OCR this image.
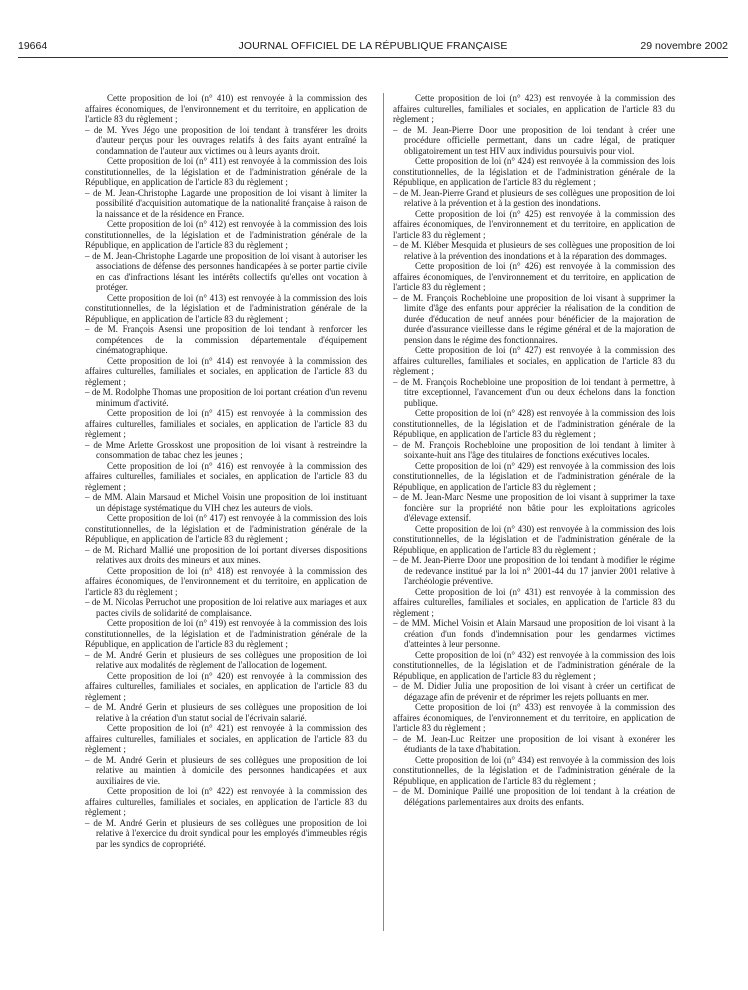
19664	JOURNAL OFFICIEL DE LA RÉPUBLIQUE FRANÇAISE	29 novembre 2002

Cette proposition de loi (n° 410) est renvoyée à la commission des affaires économiques, de l'environnement et du territoire, en application de l'article 83 du règlement ;

– de M. Yves Jégo une proposition de loi tendant à transférer les droits d'auteur perçus pour les ouvrages relatifs à des faits ayant entraîné la condamnation de l'auteur aux victimes ou à leurs ayants droit.

Cette proposition de loi (n° 411) est renvoyée à la commission des lois constitutionnelles, de la législation et de l'administration générale de la République, en application de l'article 83 du règlement ;

– de M. Jean-Christophe Lagarde une proposition de loi visant à limiter la possibilité d'acquisition automatique de la nationalité française à raison de la naissance et de la résidence en France.

Cette proposition de loi (n° 412) est renvoyée à la commission des lois constitutionnelles, de la législation et de l'administration générale de la République, en application de l'article 83 du règlement ;

– de M. Jean-Christophe Lagarde une proposition de loi visant à autoriser les associations de défense des personnes handicapées à se porter partie civile en cas d'infractions lésant les intérêts collectifs qu'elles ont vocation à protéger.

Cette proposition de loi (n° 413) est renvoyée à la commission des lois constitutionnelles, de la législation et de l'administration générale de la République, en application de l'article 83 du règlement ;

– de M. François Asensi une proposition de loi tendant à renforcer les compétences de la commission départementale d'équipement cinématographique.

Cette proposition de loi (n° 414) est renvoyée à la commission des affaires culturelles, familiales et sociales, en application de l'article 83 du règlement ;

– de M. Rodolphe Thomas une proposition de loi portant création d'un revenu minimum d'activité.

Cette proposition de loi (n° 415) est renvoyée à la commission des affaires culturelles, familiales et sociales, en application de l'article 83 du règlement ;

– de Mme Arlette Grosskost une proposition de loi visant à restreindre la consommation de tabac chez les jeunes ;

Cette proposition de loi (n° 416) est renvoyée à la commission des affaires culturelles, familiales et sociales, en application de l'article 83 du règlement ;

– de MM. Alain Marsaud et Michel Voisin une proposition de loi instituant un dépistage systématique du VIH chez les auteurs de viols.

Cette proposition de loi (n° 417) est renvoyée à la commission des lois constitutionnelles, de la législation et de l'administration générale de la République, en application de l'article 83 du règlement ;

– de M. Richard Mallié une proposition de loi portant diverses dispositions relatives aux droits des mineurs et aux mines.

Cette proposition de loi (n° 418) est renvoyée à la commission des affaires économiques, de l'environnement et du territoire, en application de l'article 83 du règlement ;

– de M. Nicolas Perruchot une proposition de loi relative aux mariages et aux pactes civils de solidarité de complaisance.

Cette proposition de loi (n° 419) est renvoyée à la commission des lois constitutionnelles, de la législation et de l'administration générale de la République, en application de l'article 83 du règlement ;

– de M. André Gerin et plusieurs de ses collègues une proposition de loi relative aux modalités de règlement de l'allocation de logement.

Cette proposition de loi (n° 420) est renvoyée à la commission des affaires culturelles, familiales et sociales, en application de l'article 83 du règlement ;

– de M. André Gerin et plusieurs de ses collègues une proposition de loi relative à la création d'un statut social de l'écrivain salarié.

Cette proposition de loi (n° 421) est renvoyée à la commission des affaires culturelles, familiales et sociales, en application de l'article 83 du règlement ;

– de M. André Gerin et plusieurs de ses collègues une proposition de loi relative au maintien à domicile des personnes handicapées et aux auxiliaires de vie.

Cette proposition de loi (n° 422) est renvoyée à la commission des affaires culturelles, familiales et sociales, en application de l'article 83 du règlement ;

– de M. André Gerin et plusieurs de ses collègues une proposition de loi relative à l'exercice du droit syndical pour les employés d'immeubles régis par les syndics de copropriété.

Cette proposition de loi (n° 423) est renvoyée à la commission des affaires culturelles, familiales et sociales, en application de l'article 83 du règlement ;

– de M. Jean-Pierre Door une proposition de loi tendant à créer une procédure officielle permettant, dans un cadre légal, de pratiquer obligatoirement un test HIV aux individus poursuivis pour viol.

Cette proposition de loi (n° 424) est renvoyée à la commission des lois constitutionnelles, de la législation et de l'administration générale de la République, en application de l'article 83 du règlement ;

– de M. Jean-Pierre Grand et plusieurs de ses collègues une proposition de loi relative à la prévention et à la gestion des inondations.

Cette proposition de loi (n° 425) est renvoyée à la commission des affaires économiques, de l'environnement et du territoire, en application de l'article 83 du règlement ;

– de M. Kléber Mesquida et plusieurs de ses collègues une proposition de loi relative à la prévention des inondations et à la réparation des dommages.

Cette proposition de loi (n° 426) est renvoyée à la commission des affaires économiques, de l'environnement et du territoire, en application de l'article 83 du règlement ;

– de M. François Rochebloine une proposition de loi visant à supprimer la limite d'âge des enfants pour apprécier la réalisation de la condition de durée d'éducation de neuf années pour bénéficier de la majoration de durée d'assurance vieillesse dans le régime général et de la majoration de pension dans le régime des fonctionnaires.

Cette proposition de loi (n° 427) est renvoyée à la commission des affaires culturelles, familiales et sociales, en application de l'article 83 du règlement ;

– de M. François Rochebloine une proposition de loi tendant à permettre, à titre exceptionnel, l'avancement d'un ou deux échelons dans la fonction publique.

Cette proposition de loi (n° 428) est renvoyée à la commission des lois constitutionnelles, de la législation et de l'administration générale de la République, en application de l'article 83 du règlement ;

– de M. François Rochebloine une proposition de loi tendant à limiter à soixante-huit ans l'âge des titulaires de fonctions exécutives locales.

Cette proposition de loi (n° 429) est renvoyée à la commission des lois constitutionnelles, de la législation et de l'administration générale de la République, en application de l'article 83 du règlement ;

– de M. Jean-Marc Nesme une proposition de loi visant à supprimer la taxe foncière sur la propriété non bâtie pour les exploitations agricoles d'élevage extensif.

Cette proposition de loi (n° 430) est renvoyée à la commission des lois constitutionnelles, de la législation et de l'administration générale de la République, en application de l'article 83 du règlement ;

– de M. Jean-Pierre Door une proposition de loi tendant à modifier le régime de redevance institué par la loi n° 2001-44 du 17 janvier 2001 relative à l'archéologie préventive.

Cette proposition de loi (n° 431) est renvoyée à la commission des affaires culturelles, familiales et sociales, en application de l'article 83 du règlement ;

– de MM. Michel Voisin et Alain Marsaud une proposition de loi visant à la création d'un fonds d'indemnisation pour les gendarmes victimes d'atteintes à leur personne.

Cette proposition de loi (n° 432) est renvoyée à la commission des lois constitutionnelles, de la législation et de l'administration générale de la République, en application de l'article 83 du règlement ;

– de M. Didier Julia une proposition de loi visant à créer un certificat de dégazage afin de prévenir et de réprimer les rejets polluants en mer.

Cette proposition de loi (n° 433) est renvoyée à la commission des affaires économiques, de l'environnement et du territoire, en application de l'article 83 du règlement ;

– de M. Jean-Luc Reitzer une proposition de loi visant à exonérer les étudiants de la taxe d'habitation.

Cette proposition de loi (n° 434) est renvoyée à la commission des lois constitutionnelles, de la législation et de l'administration générale de la République, en application de l'article 83 du règlement ;

– de M. Dominique Paillé une proposition de loi tendant à la création de délégations parlementaires aux droits des enfants.
